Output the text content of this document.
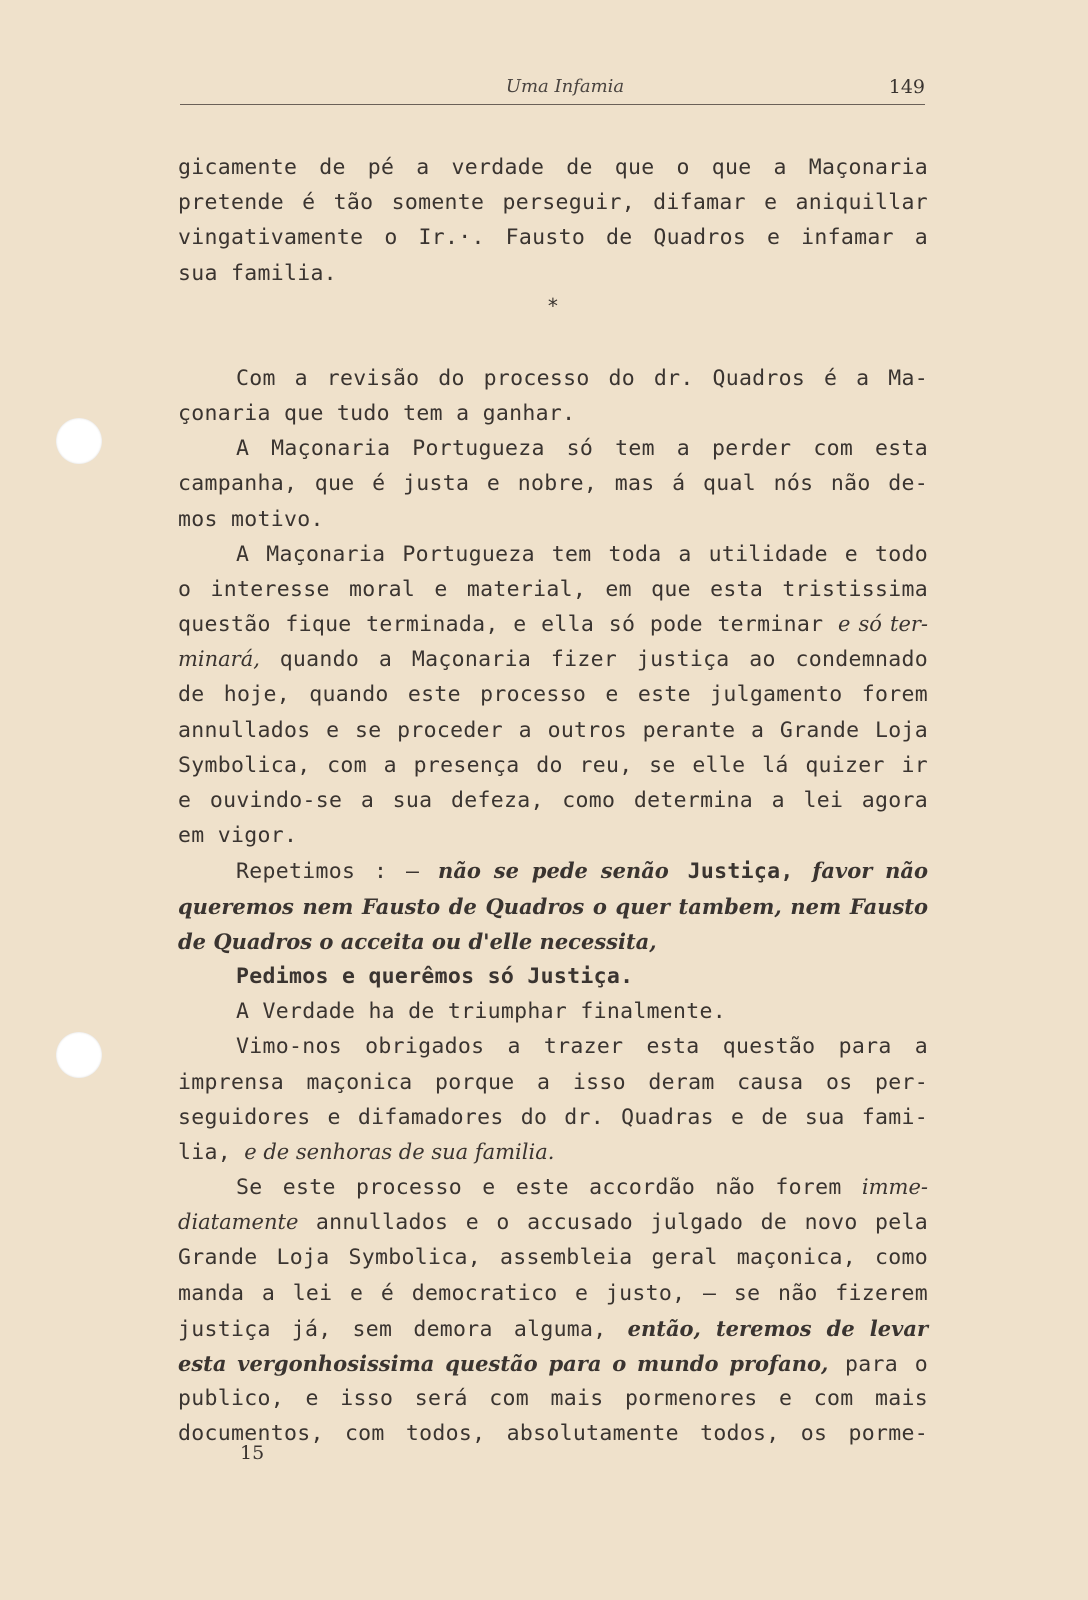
Uma Infamia	149
gicamente de pé a verdade de que o que a Maçonaria
pretende é tão somente perseguir, difamar e aniquillar
vingativamente o Ir.·. Fausto de Quadros e infamar a
sua familia.
*
Com a revisão do processo do dr. Quadros é a Ma-
çonaria que tudo tem a ganhar.
A Maçonaria Portugueza só tem a perder com esta
campanha, que é justa e nobre, mas á qual nós não de-
mos motivo.
A Maçonaria Portugueza tem toda a utilidade e todo
o interesse moral e material, em que esta tristissima
questão fique terminada, e ella só pode terminar e só ter-
minará, quando a Maçonaria fizer justiça ao condemnado
de hoje, quando este processo e este julgamento forem
annullados e se proceder a outros perante a Grande Loja
Symbolica, com a presença do reu, se elle lá quizer ir
e ouvindo-se a sua defeza, como determina a lei agora
em vigor.
Repetimos : — não se pede senão Justiça, favor não
queremos nem Fausto de Quadros o quer tambem, nem Fausto
de Quadros o acceita ou d'elle necessita,
Pedimos e querêmos só Justiça.
A Verdade ha de triumphar finalmente.
Vimo-nos obrigados a trazer esta questão para a
imprensa maçonica porque a isso deram causa os per-
seguidores e difamadores do dr. Quadras e de sua fami-
lia, e de senhoras de sua familia.
Se este processo e este accordão não forem imme-
diatamente annullados e o accusado julgado de novo pela
Grande Loja Symbolica, assembleia geral maçonica, como
manda a lei e é democratico e justo, — se não fizerem
justiça já, sem demora alguma, então, teremos de levar
esta vergonhosissima questão para o mundo profano, para o
publico, e isso será com mais pormenores e com mais
documentos, com todos, absolutamente todos, os porme-
15
